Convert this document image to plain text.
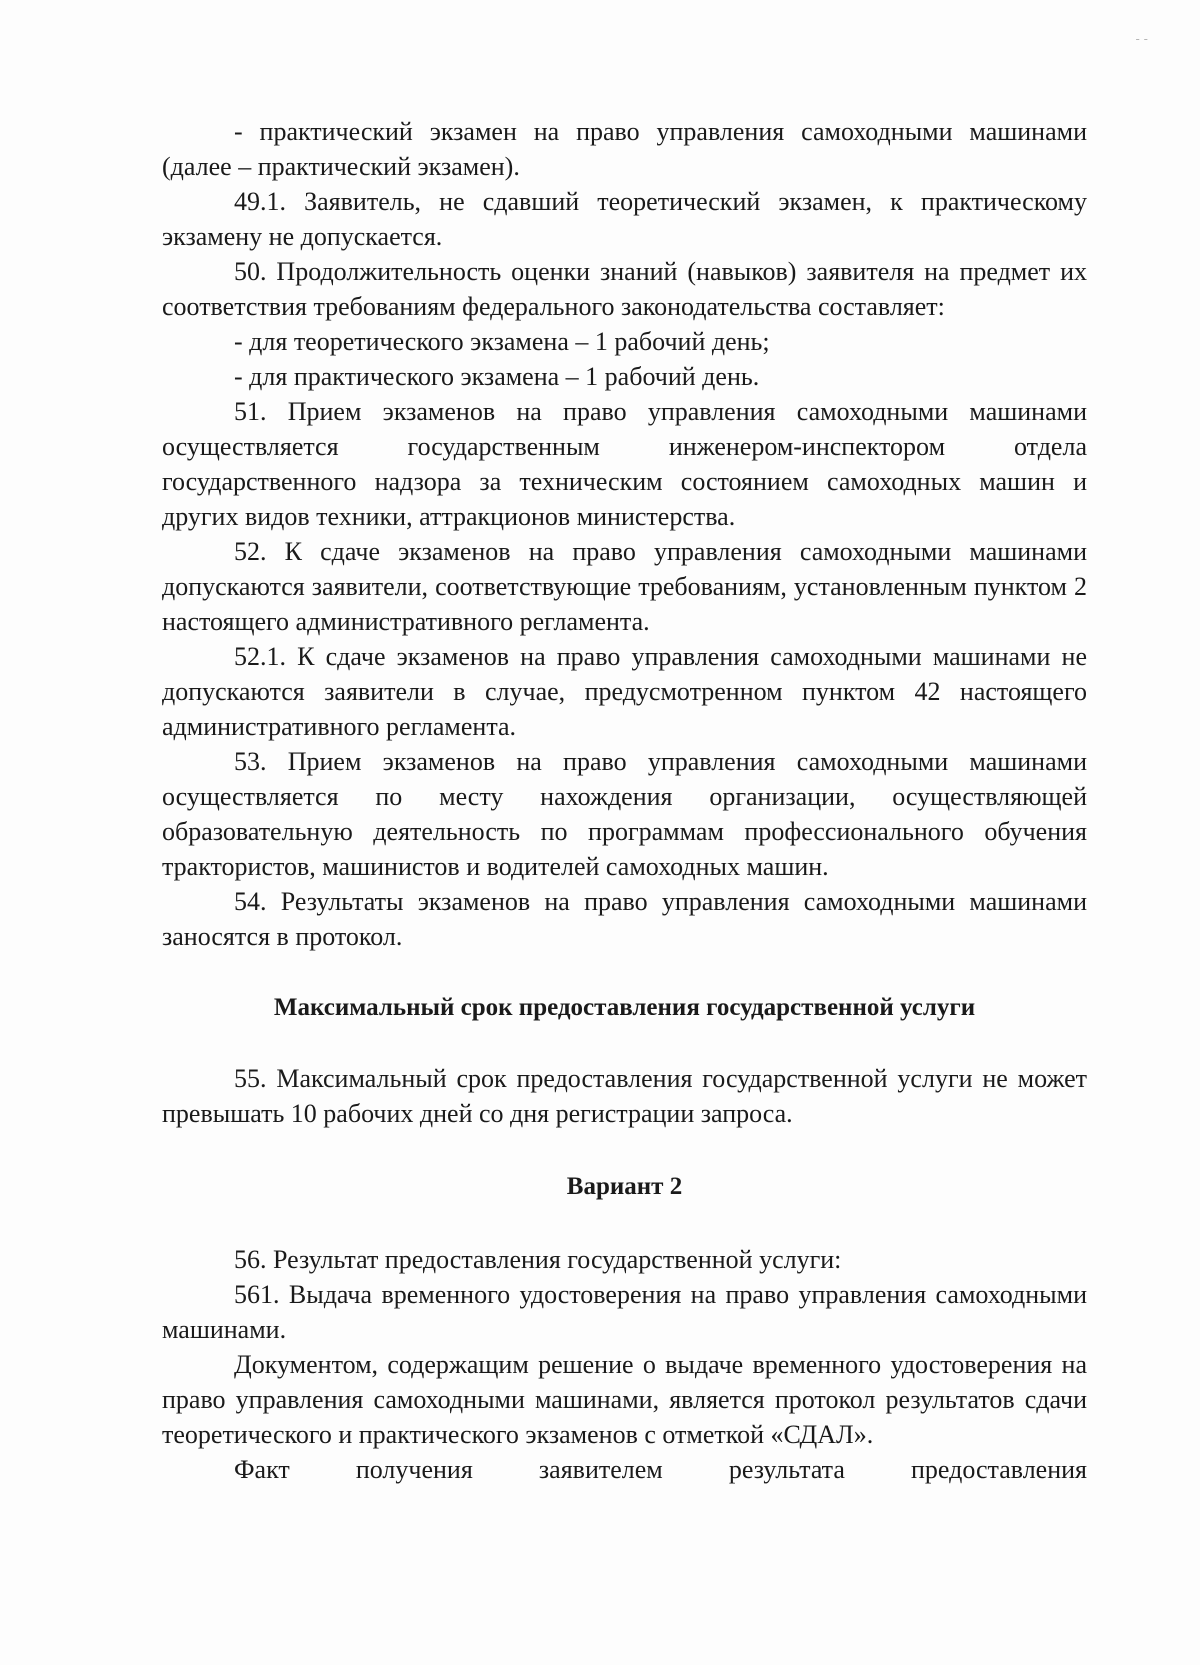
- -

- практический экзамен на право управления самоходными машинами (далее – практический экзамен).

49.1. Заявитель, не сдавший теоретический экзамен, к практическому экзамену не допускается.

50. Продолжительность оценки знаний (навыков) заявителя на предмет их соответствия требованиям федерального законодательства составляет:

- для теоретического экзамена – 1 рабочий день;

- для практического экзамена – 1 рабочий день.

51. Прием экзаменов на право управления самоходными машинами осуществляется государственным инженером-инспектором отдела государственного надзора за техническим состоянием самоходных машин и других видов техники, аттракционов министерства.

52. К сдаче экзаменов на право управления самоходными машинами допускаются заявители, соответствующие требованиям, установленным пунктом 2 настоящего административного регламента.

52.1. К сдаче экзаменов на право управления самоходными машинами не допускаются заявители в случае, предусмотренном пунктом 42 настоящего административного регламента.

53. Прием экзаменов на право управления самоходными машинами осуществляется по месту нахождения организации, осуществляющей образовательную деятельность по программам профессионального обучения трактористов, машинистов и водителей самоходных машин.

54. Результаты экзаменов на право управления самоходными машинами заносятся в протокол.

Максимальный срок предоставления государственной услуги

55. Максимальный срок предоставления государственной услуги не может превышать 10 рабочих дней со дня регистрации запроса.

Вариант 2

56. Результат предоставления государственной услуги:

561. Выдача временного удостоверения на право управления самоходными машинами.

Документом, содержащим решение о выдаче временного удостоверения на право управления самоходными машинами, является протокол результатов сдачи теоретического и практического экзаменов с отметкой «СДАЛ».

Факт получения заявителем результата предоставления
